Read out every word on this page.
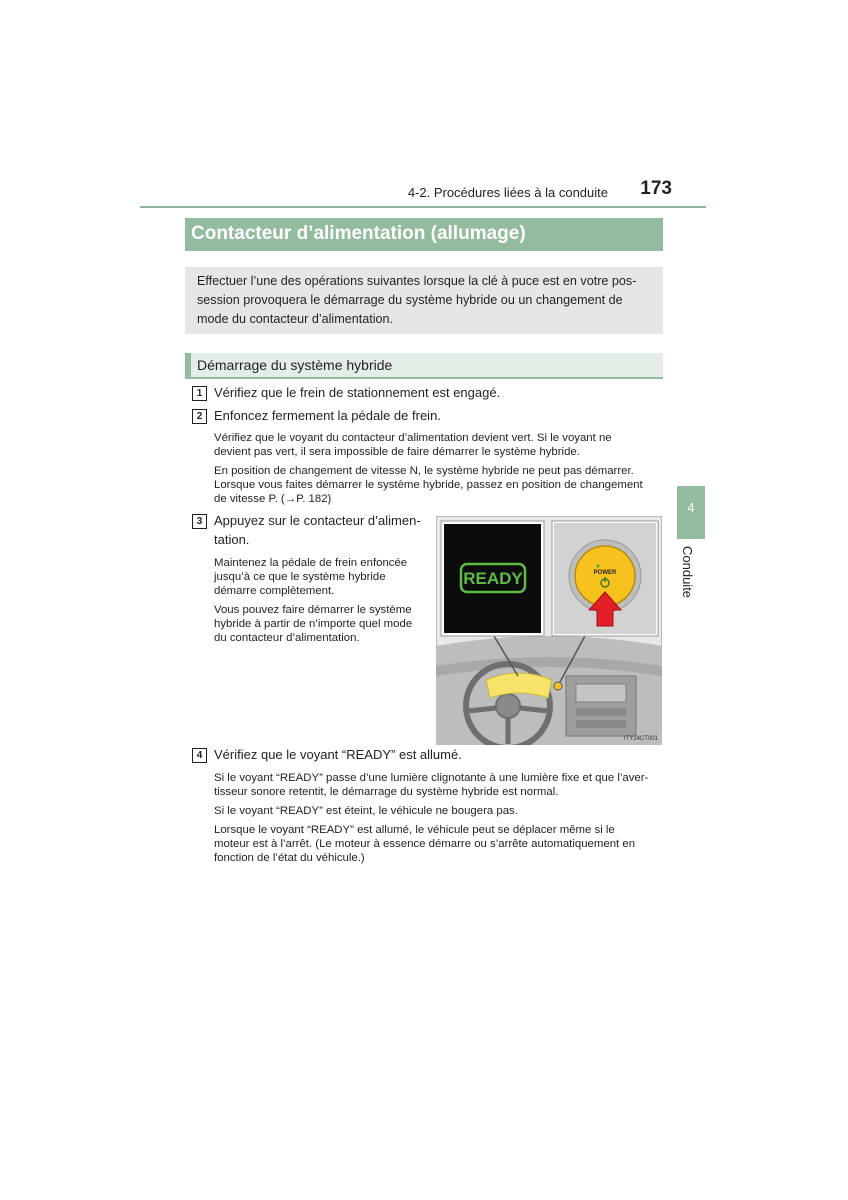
4-2. Procédures liées à la conduite	173
Contacteur d’alimentation (allumage)
Effectuer l’une des opérations suivantes lorsque la clé à puce est en votre pos-
session provoquera le démarrage du système hybride ou un changement de
mode du contacteur d’alimentation.
Démarrage du système hybride
1 Vérifiez que le frein de stationnement est engagé.
2 Enfoncez fermement la pédale de frein.
Vérifiez que le voyant du contacteur d’alimentation devient vert. Si le voyant ne
devient pas vert, il sera impossible de faire démarrer le système hybride.
En position de changement de vitesse N, le système hybride ne peut pas démarrer.
Lorsque vous faites démarrer le système hybride, passez en position de changement
de vitesse P. (→P. 182)
3 Appuyez sur le contacteur d’alimen-
tation.
Maintenez la pédale de frein enfoncée
jusqu’à ce que le système hybride
démarre complètement.
Vous pouvez faire démarrer le système
hybride à partir de n’importe quel mode
du contacteur d’alimentation.
READY	POWER
ITY24CT001
4 Vérifiez que le voyant “READY” est allumé.
Si le voyant “READY” passe d’une lumière clignotante à une lumière fixe et que l’aver-
tisseur sonore retentit, le démarrage du système hybride est normal.
Si le voyant “READY” est éteint, le véhicule ne bougera pas.
Lorsque le voyant “READY” est allumé, le véhicule peut se déplacer même si le
moteur est à l’arrêt. (Le moteur à essence démarre ou s’arrête automatiquement en
fonction de l’état du véhicule.)
4
Conduite
